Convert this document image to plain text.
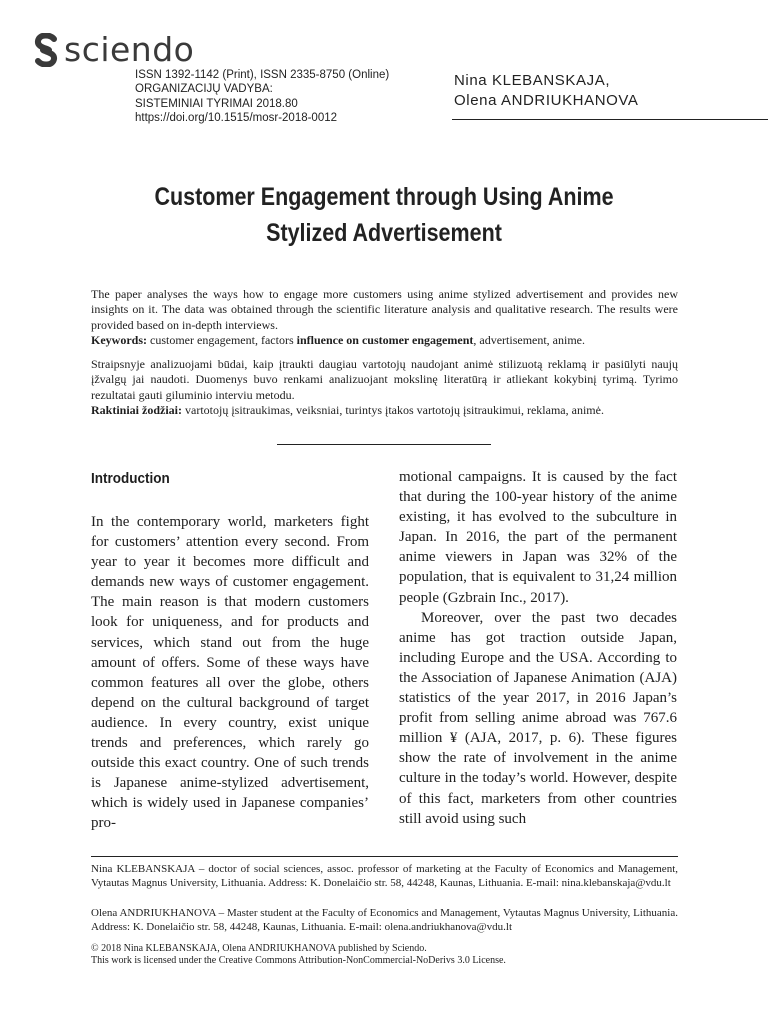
sciendo
ISSN 1392-1142 (Print), ISSN 2335-8750 (Online)
ORGANIZACIJŲ VADYBA:
SISTEMINIAI TYRIMAI 2018.80
https://doi.org/10.1515/mosr-2018-0012
Nina KLEBANSKAJA,
Olena ANDRIUKHANOVA
Customer Engagement through Using Anime
Stylized Advertisement
The paper analyses the ways how to engage more customers using anime stylized advertisement and provides new insights on it. The data was obtained through the scientific literature analysis and qualitative research. The results were provided based on in-depth interviews.
Keywords: customer engagement, factors influence on customer engagement, advertisement, anime.
Straipsnyje analizuojami būdai, kaip įtraukti daugiau vartotojų naudojant animė stilizuotą reklamą ir pasiūlyti naujų įžvalgų jai naudoti. Duomenys buvo renkami analizuojant mokslinę literatūrą ir atliekant kokybinį tyrimą. Tyrimo rezultatai gauti giluminio interviu metodu.
Raktiniai žodžiai: vartotojų įsitraukimas, veiksniai, turintys įtakos vartotojų įsitraukimui, reklama, animė.
Introduction

In the contemporary world, marketers fight for customers’ attention every second. From year to year it becomes more difficult and demands new ways of customer engagement. The main reason is that modern customers look for uniqueness, and for products and services, which stand out from the huge amount of offers. Some of these ways have common features all over the globe, others depend on the cultural background of target audience. In every country, exist unique trends and preferences, which rarely go outside this exact country. One of such trends is Japanese anime-stylized advertisement, which is widely used in Japanese companies’ pro-

motional campaigns. It is caused by the fact that during the 100-year history of the anime existing, it has evolved to the subculture in Japan. In 2016, the part of the permanent anime viewers in Japan was 32% of the population, that is equivalent to 31,24 million people (Gzbrain Inc., 2017).

Moreover, over the past two decades anime has got traction outside Japan, including Europe and the USA. According to the Association of Japanese Animation (AJA) statistics of the year 2017, in 2016 Japan’s profit from selling anime abroad was 767.6 million ¥ (AJA, 2017, p. 6). These figures show the rate of involvement in the anime culture in the today’s world. However, despite of this fact, marketers from other countries still avoid using such

Nina KLEBANSKAJA – doctor of social sciences, assoc. professor of marketing at the Faculty of Economics and Management, Vytautas Magnus University, Lithuania. Address: K. Donelaičio str. 58, 44248, Kaunas, Lithuania. E-mail: nina.klebanskaja@vdu.lt
Olena ANDRIUKHANOVA – Master student at the Faculty of Economics and Management, Vytautas Magnus University, Lithuania. Address: K. Donelaičio str. 58, 44248, Kaunas, Lithuania. E-mail: olena.andriukhanova@vdu.lt
© 2018 Nina KLEBANSKAJA, Olena ANDRIUKHANOVA published by Sciendo.
This work is licensed under the Creative Commons Attribution-NonCommercial-NoDerivs 3.0 License.
